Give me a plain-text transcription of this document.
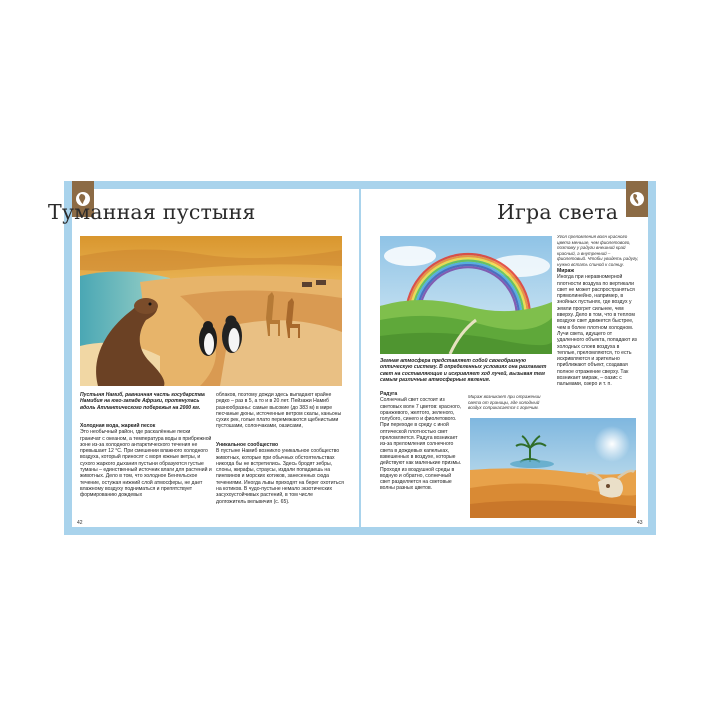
Туманная пустыня
Пустыня Намиб, равнинная часть государства Намибия на юго-западе Африки, протянулась вдоль Атлантического побережья на 2000 км.
Холодная вода, жаркий песок
Это необычный район, где раскалённые пески граничат с океаном, а температура воды в прибрежной зоне из-за холодного антарктического течения не превышает 12 °С. При смешении влажного холодного воздуха, который приносят с моря южные ветры, и сухого жаркого дыхания пустыни образуются густые туманы – единственный источник влаги для растений и животных. Дело в том, что холодное Бенгельское течение, остужая нижний слой атмосферы, не дает влажному воздуху подниматься и препятствует формированию дождевых
облаков, поэтому дожди здесь выпадают крайне редко – раз в 5, а то и в 20 лет. Пейзажи Намиб разнообразны: самые высокие (до 383 м) в мире песчаные дюны, источенные ветром скалы, каньоны сухих рек, голые плато перемежаются щебнистыми пустошами, солончаками, оазисами,
Уникальное сообщество
В пустыне Намиб возникло уникальное сообщество животных, которые при обычных обстоятельствах никогда бы не встретились. Здесь бродят зебры, слоны, жирафы, страусы, издали попадаешь на пингвинов и морских котиков, занесенных сюда течениями. Иногда львы приходят на берег охотиться на котиков. В чудо-пустыне немало экзотических засухоустойчивых растений, в том числе долгожитель вельвичия (с. 65).
42
Игра света
Угол преломления волн красного цвета меньше, чем фиолетового, поэтому у радуги внешний край красный, а внутренний – фиолетовый. Чтобы увидеть радугу, нужно встать спиной к солнцу.
Мираж
Иногда при неравномерной плотности воздуха по вертикали свет не может распространяться прямолинейно, например, в знойных пустынях, где воздух у земли прогрет сильнее, чем вверху. Дело в том, что в теплом воздухе свет движется быстрее, чем в более плотном холодном. Лучи света, идущего от удаленного объекта, попадают из холодных слоев воздуха в теплые, преломляются, то есть искривляются и зрительно приближают объект, создавая полное отражение сверху. Так возникает мираж, – оазис с пальмами, озеро и т. п.
Земная атмосфера представляет собой своеобразную оптическую систему. В определенных условиях она разлагает свет на составляющие и искривляет ход лучей, вызывая тем самым различные атмосферные явления.
Радуга
Солнечный свет состоит из световых волн 7 цветов: красного, оранжевого, желтого, зеленого, голубого, синего и фиолетового. При переходе в среду с иной оптической плотностью свет преломляется. Радуга возникает из-за преломления солнечного света в дождевых капельках, взвешенных в воздухе, которые действуют как маленькие призмы. Проходя из воздушной среды в водную и обратно, солнечный свет разделяется на световые волны разных цветов.
Мираж возникает при отражении света от границы, где холодный воздух соприкасается с горячим.
43
